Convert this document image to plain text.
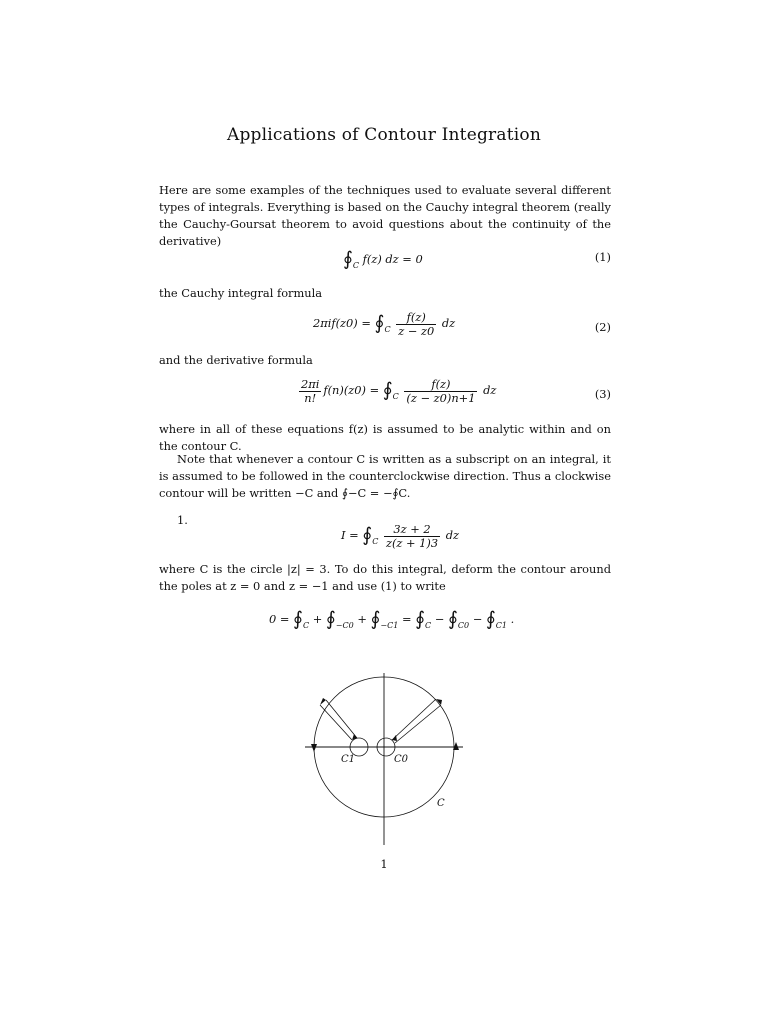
Applications of Contour Integration

Here are some examples of the techniques used to evaluate several different types of integrals. Everything is based on the Cauchy integral theorem (really the Cauchy-Goursat theorem to avoid questions about the continuity of the derivative)

$∮_C$ f(z) dz = 0	(1)

the Cauchy integral formula

$2\pi if(z0) = ∮_C \frac{f(z)}{z - z0}$ dz	(2)

and the derivative formula

$\frac{2\pi i}{n!} f(n)(z0)$ = $∮_C \frac{f(z)}{(z - z0)n+1}$ dz	(3)

where in all of these equations f(z) is assumed to be analytic within and on the contour C.

Note that whenever a contour C is written as a subscript on an integral, it is assumed to be followed in the counterclockwise direction. Thus a clockwise contour will be written −C and ∮−C = −∮C.

1.
$I = ∮_C \frac{3z + 2}{z(z + 1)3}$ dz

where C is the circle |z| = 3. To do this integral, deform the contour around the poles at z = 0 and z = −1 and use (1) to write

$0 = ∮_C$ + $∮_{-C0}$ + $∮_{-C1}$ = $∮_C$ − $∮_{C0}$ − $∮_{C1}$ .
C1	C0
C
1
